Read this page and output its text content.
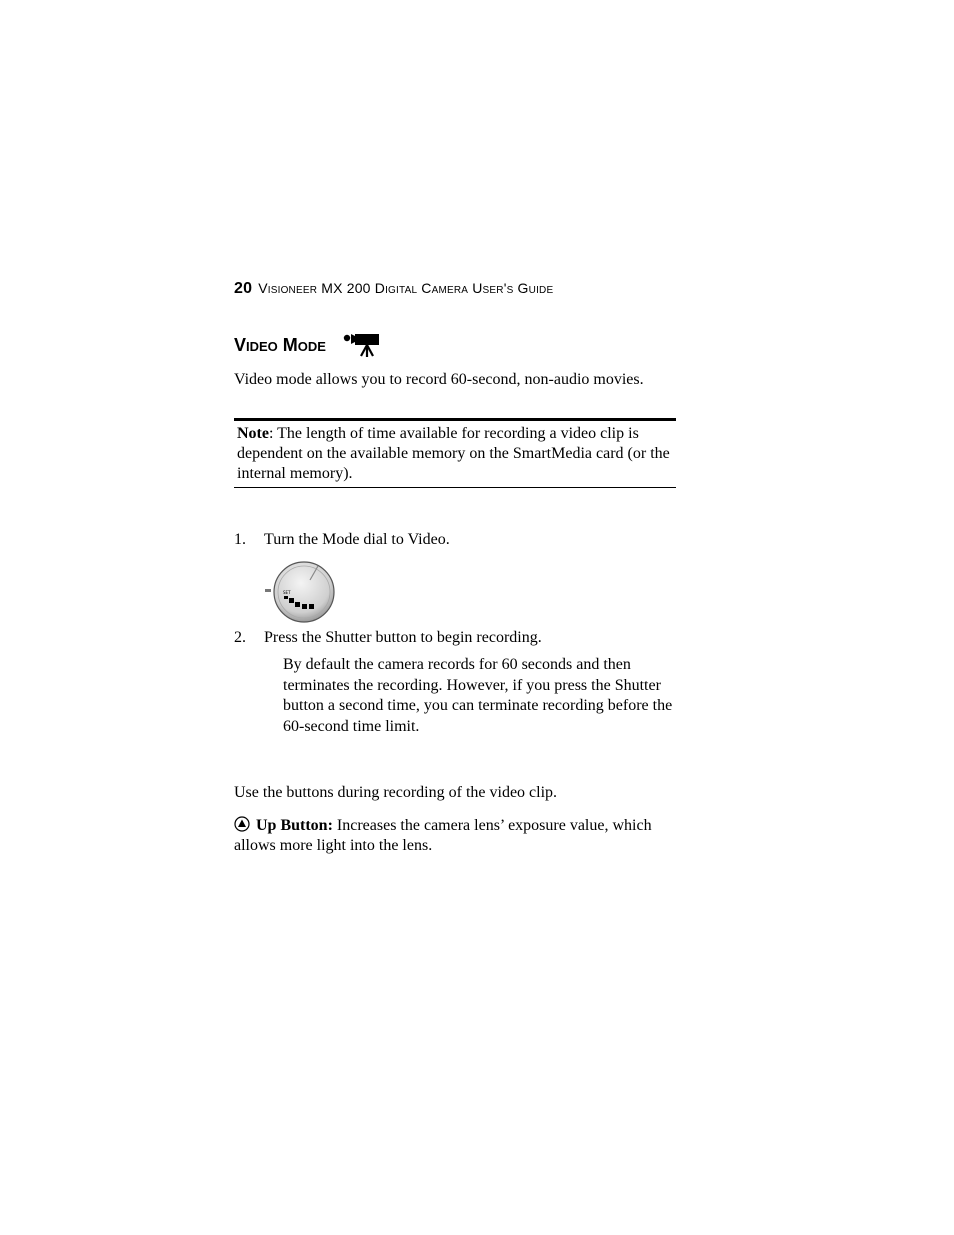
20 Visioneer MX 200 Digital Camera User's Guide
Video Mode
Video mode allows you to record 60-second, non-audio movies.
Note: The length of time available for recording a video clip is dependent on the available memory on the SmartMedia card (or the internal memory).
1. Turn the Mode dial to Video.
SET
2. Press the Shutter button to begin recording.
By default the camera records for 60 seconds and then terminates the recording. However, if you press the Shutter button a second time, you can terminate recording before the 60-second time limit.
Use the buttons during recording of the video clip.
Up Button: Increases the camera lens’ exposure value, which allows more light into the lens.
